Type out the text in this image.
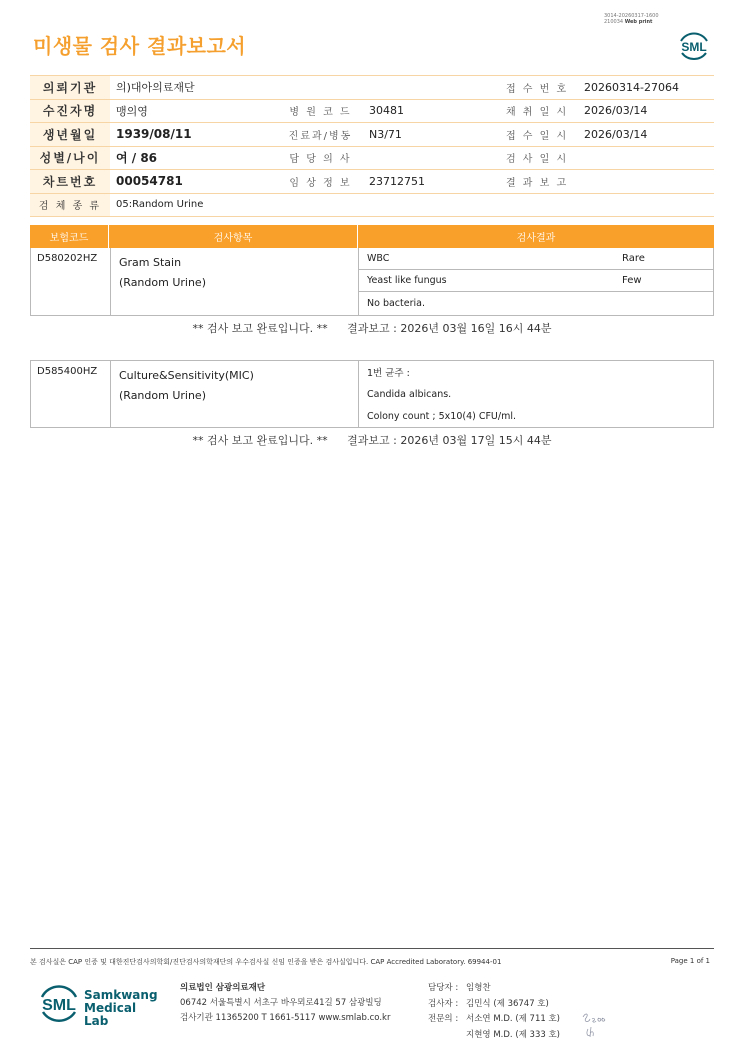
3014-20260317-1600
210034 Web print
미생물 검사 결과보고서	SML
의뢰기관	의)대아의료재단			접 수 번 호	20260314-27064
수진자명	맹의영	병 원 코 드	30481	채 취 일 시	2026/03/14
생년월일	1939/08/11	진료과/병동	N3/71	접 수 일 시	2026/03/14
성별/나이	여 / 86	담 당 의 사		검 사 일 시	
차트번호	00054781	임 상 정 보	23712751	결 과 보 고	
검 체 종 류	05:Random Urine				
보험코드	검사항목	검사결과
D580202HZ	Gram Stain
(Random Urine)
WBC	Rare
Yeast like fungus	Few
No bacteria.
** 검사 보고 완료입니다. ** 결과보고 : 2026년 03월 16일 16시 44분
D585400HZ	Culture&Sensitivity(MIC)
(Random Urine)
1번 균주 :
Candida albicans.
Colony count ; 5x10(4) CFU/ml.
** 검사 보고 완료입니다. ** 결과보고 : 2026년 03월 17일 15시 44분
본 검사실은 CAP 인증 및 대한진단검사의학회/진단검사의학재단의 우수검사실 신임 인증을 받은 검사실입니다. CAP Accredited Laboratory. 69944-01	Page 1 of 1
SML
Samkwang
Medical Lab
의료법인 삼광의료재단
06742 서울특별시 서초구 바우뫼로41길 57 삼광빌딩
검사기관 11365200 T 1661-5117 www.smlab.co.kr
담당자 : 임형찬
검사자 : 김민식 (제 36747 호)
전문의 : 서소연 M.D. (제 711 호)
지현영 M.D. (제 333 호)
